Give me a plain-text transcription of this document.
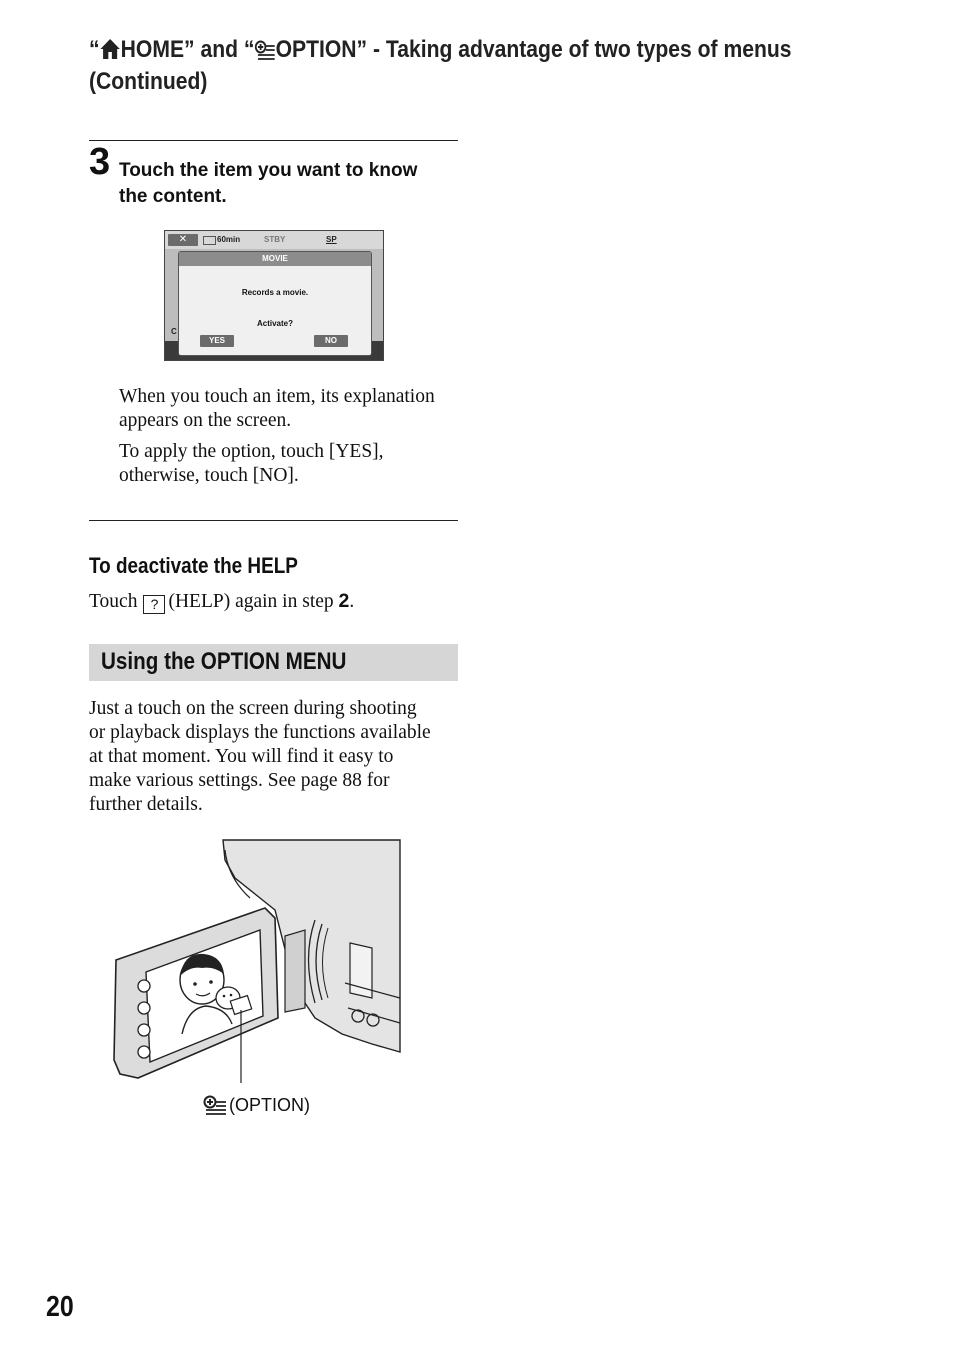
“ HOME” and “ OPTION” - Taking advantage of two types of menus
(Continued)
3 Touch the item you want to know
the content.
✕	60min	STBY	SP
C
MOVIE
Records a movie.
Activate?
YES	NO
When you touch an item, its explanation
appears on the screen.
To apply the option, touch [YES],
otherwise, touch [NO].
To deactivate the HELP
Touch ? (HELP) again in step 2.
Using the OPTION MENU
Just a touch on the screen during shooting
or playback displays the functions available
at that moment. You will find it easy to
make various settings. See page 88 for
further details.
(OPTION)
20
